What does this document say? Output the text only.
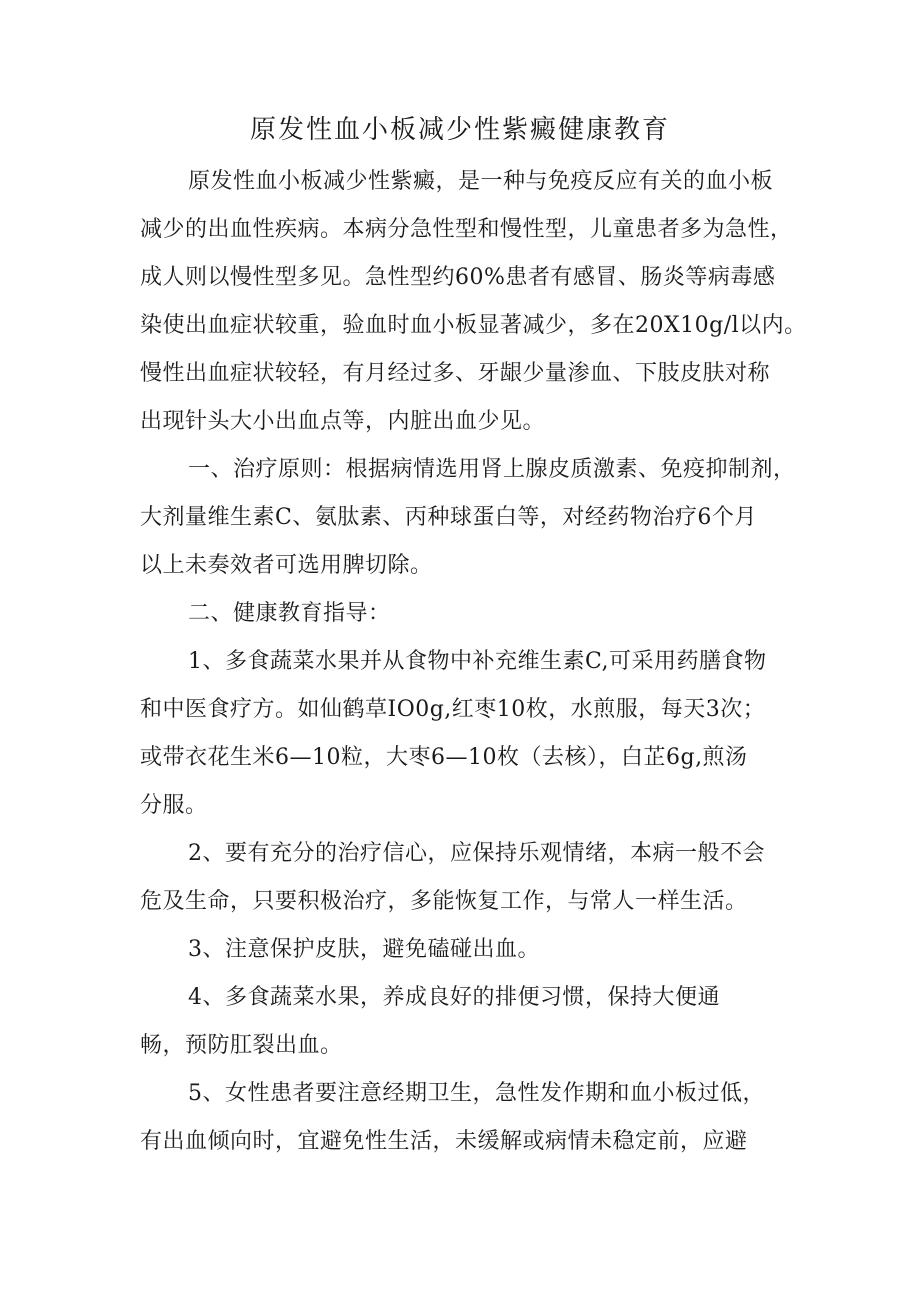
原发性血小板减少性紫癜健康教育
原发性血小板减少性紫癜，是一种与免疫反应有关的血小板
减少的出血性疾病。本病分急性型和慢性型，儿童患者多为急性，
成人则以慢性型多见。急性型约60%患者有感冒、肠炎等病毒感
染使出血症状较重，验血时血小板显著减少，多在20X10g/l以内。
慢性出血症状较轻，有月经过多、牙龈少量渗血、下肢皮肤对称
出现针头大小出血点等，内脏出血少见。
一、治疗原则：根据病情选用肾上腺皮质激素、免疫抑制剂，
大剂量维生素C、氨肽素、丙种球蛋白等，对经药物治疗6个月
以上未奏效者可选用脾切除。
二、健康教育指导：
1、多食蔬菜水果并从食物中补充维生素C,可采用药膳食物
和中医食疗方。如仙鹤草IO0g,红枣10枚，水煎服，每天3次；
或带衣花生米6—10粒，大枣6—10枚（去核），白芷6g,煎汤
分服。
2、要有充分的治疗信心，应保持乐观情绪，本病一般不会
危及生命，只要积极治疗，多能恢复工作，与常人一样生活。
3、注意保护皮肤，避免磕碰出血。
4、多食蔬菜水果，养成良好的排便习惯，保持大便通
畅，预防肛裂出血。
5、女性患者要注意经期卫生，急性发作期和血小板过低，
有出血倾向时，宜避免性生活，未缓解或病情未稳定前，应避
